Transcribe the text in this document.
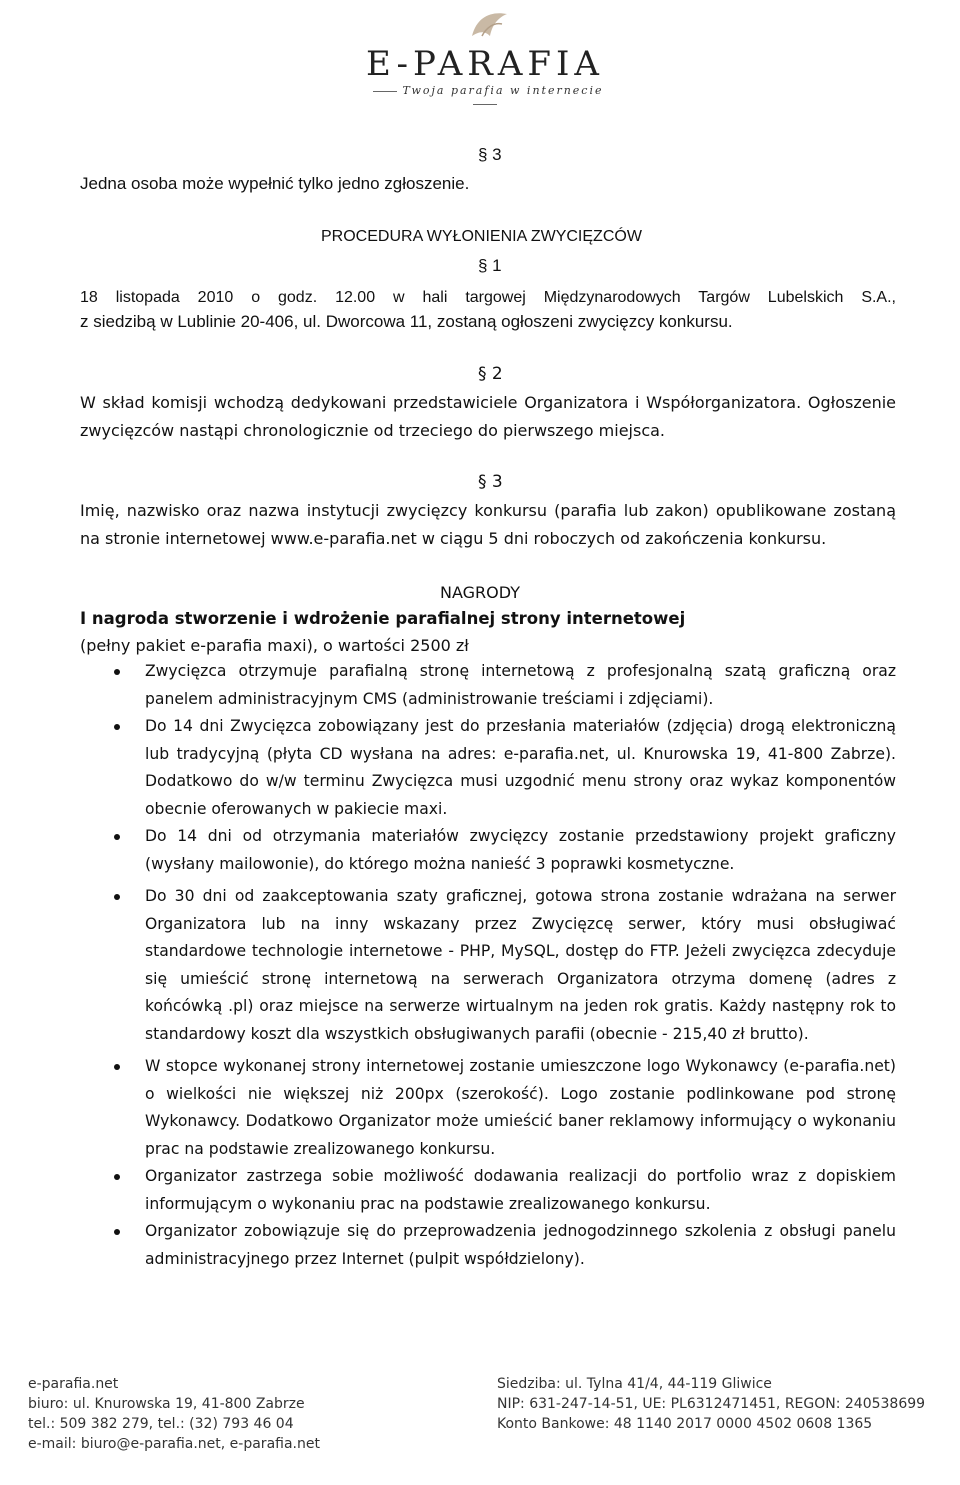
E-PARAFIA
Twoja parafia w internecie
§ 3
Jedna osoba może wypełnić tylko jedno zgłoszenie.
PROCEDURA WYŁONIENIA ZWYCIĘZCÓW
§ 1
18 listopada 2010 o godz. 12.00 w hali targowej Międzynarodowych Targów Lubelskich S.A.,
z siedzibą w Lublinie 20-406, ul. Dworcowa 11, zostaną ogłoszeni zwycięzcy konkursu.
§ 2
W skład komisji wchodzą dedykowani przedstawiciele Organizatora i Współorganizatora. Ogłoszenie zwycięzców nastąpi chronologicznie od trzeciego do pierwszego miejsca.
§ 3
Imię, nazwisko oraz nazwa instytucji zwycięzcy konkursu (parafia lub zakon) opublikowane zostaną na stronie internetowej www.e-parafia.net w ciągu 5 dni roboczych od zakończenia konkursu.
NAGRODY
I nagroda stworzenie i wdrożenie parafialnej strony internetowej
(pełny pakiet e-parafia maxi), o wartości 2500 zł
Zwycięzca otrzymuje parafialną stronę internetową z profesjonalną szatą graficzną oraz panelem administracyjnym CMS (administrowanie treściami i zdjęciami).
Do 14 dni Zwycięzca zobowiązany jest do przesłania materiałów (zdjęcia) drogą elektroniczną lub tradycyjną (płyta CD wysłana na adres: e-parafia.net, ul. Knurowska 19, 41-800 Zabrze). Dodatkowo do w/w terminu Zwycięzca musi uzgodnić menu strony oraz wykaz komponentów obecnie oferowanych w pakiecie maxi.
Do 14 dni od otrzymania materiałów zwycięzcy zostanie przedstawiony projekt graficzny (wysłany mailowonie), do którego można nanieść 3 poprawki kosmetyczne.
Do 30 dni od zaakceptowania szaty graficznej, gotowa strona zostanie wdrażana na serwer Organizatora lub na inny wskazany przez Zwycięzcę serwer, który musi obsługiwać standardowe technologie internetowe - PHP, MySQL, dostęp do FTP. Jeżeli zwycięzca zdecyduje się umieścić stronę internetową na serwerach Organizatora otrzyma domenę (adres z końcówką .pl) oraz miejsce na serwerze wirtualnym na jeden rok gratis. Każdy następny rok to standardowy koszt dla wszystkich obsługiwanych parafii (obecnie - 215,40 zł brutto).
W stopce wykonanej strony internetowej zostanie umieszczone logo Wykonawcy (e-parafia.net) o wielkości nie większej niż 200px (szerokość). Logo zostanie podlinkowane pod stronę Wykonawcy. Dodatkowo Organizator może umieścić baner reklamowy informujący o wykonaniu prac na podstawie zrealizowanego konkursu.
Organizator zastrzega sobie możliwość dodawania realizacji do portfolio wraz z dopiskiem informującym o wykonaniu prac na podstawie zrealizowanego konkursu.
Organizator zobowiązuje się do przeprowadzenia jednogodzinnego szkolenia z obsługi panelu administracyjnego przez Internet (pulpit współdzielony).
e-parafia.net
biuro: ul. Knurowska 19, 41-800 Zabrze
tel.: 509 382 279, tel.: (32) 793 46 04
e-mail: biuro@e-parafia.net, e-parafia.net
Siedziba: ul. Tylna 41/4, 44-119 Gliwice
NIP: 631-247-14-51, UE: PL6312471451, REGON: 240538699
Konto Bankowe: 48 1140 2017 0000 4502 0608 1365
